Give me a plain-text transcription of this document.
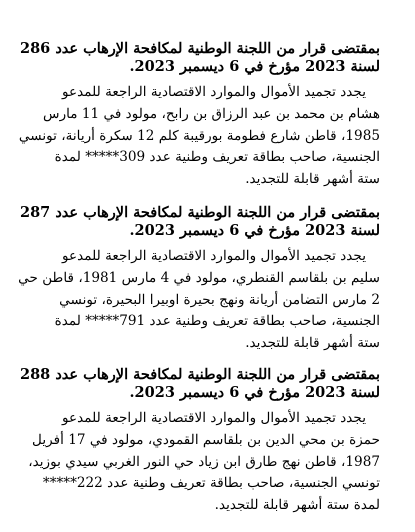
بمقتضى قرار من اللجنة الوطنية لمكافحة الإرهاب عدد 286
لسنة 2023 مؤرخ في 6 ديسمبر 2023.

يجدد تجميد الأموال والموارد الاقتصادية الراجعة للمدعو
هشام بن محمد بن عبد الرزاق بن رابح، مولود في 11 مارس
1985، قاطن شارع فطومة بورقيبة كلم 12 سكرة أريانة، تونسي
الجنسية، صاحب بطاقة تعريف وطنية عدد 309***** لمدة
ستة أشهر قابلة للتجديد.

بمقتضى قرار من اللجنة الوطنية لمكافحة الإرهاب عدد 287
لسنة 2023 مؤرخ في 6 ديسمبر 2023.

يجدد تجميد الأموال والموارد الاقتصادية الراجعة للمدعو
سليم بن بلقاسم القنطري، مولود في 4 مارس 1981، قاطن حي
2 مارس التضامن أريانة ونهج بحيرة اوبيرا البحيرة، تونسي
الجنسية، صاحب بطاقة تعريف وطنية عدد 791***** لمدة
ستة أشهر قابلة للتجديد.

بمقتضى قرار من اللجنة الوطنية لمكافحة الإرهاب عدد 288
لسنة 2023 مؤرخ في 6 ديسمبر 2023.

يجدد تجميد الأموال والموارد الاقتصادية الراجعة للمدعو
حمزة بن محي الدين بن بلقاسم القمودي، مولود في 17 أفريل
1987، قاطن نهج طارق ابن زياد حي النور الغربي سيدي بوزيد،
تونسي الجنسية، صاحب بطاقة تعريف وطنية عدد 222*****
لمدة ستة أشهر قابلة للتجديد.
